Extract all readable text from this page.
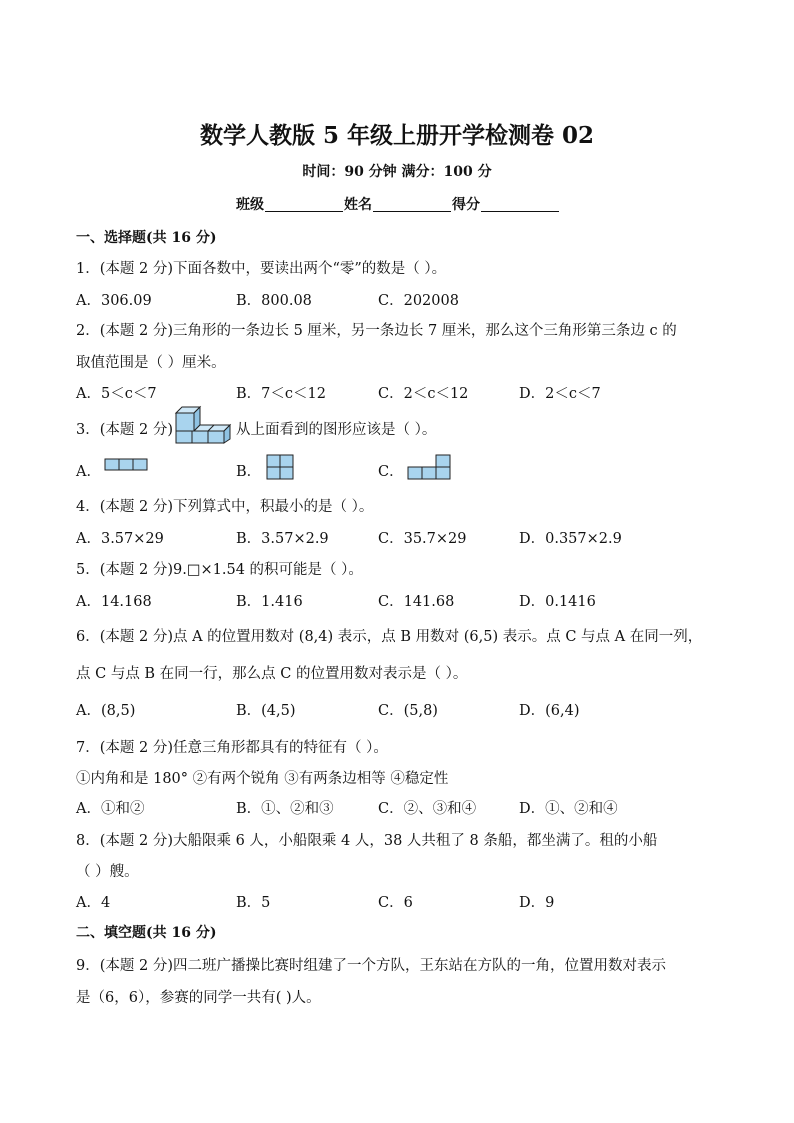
数学人教版 5 年级上册开学检测卷 02
时间：90 分钟 满分：100 分
班级	姓名	得分
一、选择题(共 16 分)
1．(本题 2 分)下面各数中，要读出两个“零”的数是（ ）。
A．306.09	B．800.08	C．202008
2．(本题 2 分)三角形的一条边长 5 厘米，另一条边长 7 厘米，那么这个三角形第三条边 c 的
取值范围是（ ）厘米。
A．5＜c＜7	B．7＜c＜12	C．2＜c＜12	D．2＜c＜7
3．(本题 2 分)	从上面看到的图形应该是（ ）。
A．	B．	C．
4．(本题 2 分)下列算式中，积最小的是（ ）。
A．3.57×29	B．3.57×2.9	C．35.7×29	D．0.357×2.9
5．(本题 2 分)9.□×1.54 的积可能是（ ）。
A．14.168	B．1.416	C．141.68	D．0.1416
6．(本题 2 分)点 A 的位置用数对 (8,4) 表示，点 B 用数对 (6,5) 表示。点 C 与点 A 在同一列，
点 C 与点 B 在同一行，那么点 C 的位置用数对表示是（ ）。
A．(8,5)	B．(4,5)	C．(5,8)	D．(6,4)
7．(本题 2 分)任意三角形都具有的特征有（ ）。
①内角和是 180° ②有两个锐角 ③有两条边相等 ④稳定性
A．①和②	B．①、②和③	C．②、③和④	D．①、②和④
8．(本题 2 分)大船限乘 6 人，小船限乘 4 人，38 人共租了 8 条船，都坐满了。租的小船
（ ）艘。
A．4	B．5	C．6	D．9
二、填空题(共 16 分)
9．(本题 2 分)四二班广播操比赛时组建了一个方队，王东站在方队的一角，位置用数对表示
是（6，6），参赛的同学一共有( )人。
